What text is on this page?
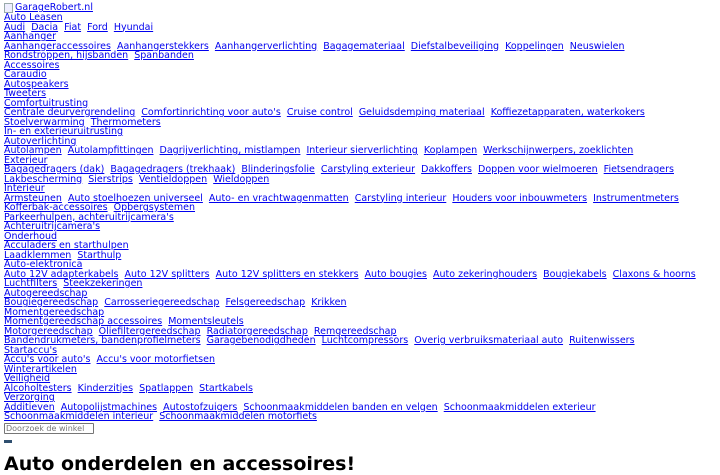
GarageRobert.nl
Auto Leasen
Audi Dacia Fiat Ford Hyundai
Aanhanger
Aanhangeraccessoires Aanhangerstekkers Aanhangerverlichting Bagagemateriaal Diefstalbeveiliging Koppelingen Neuswielen Rondstroppen, hijsbanden Spanbanden
Accessoires
Caraudio
Autospeakers
Tweeters
Comfortuitrusting
Centrale deurvergrendeling Comfortinrichting voor auto's Cruise control Geluidsdemping materiaal Koffiezetapparaten, waterkokers Stoelverwarming Thermometers
In- en exterieuruitrusting
Autoverlichting
Autolampen Autolampfittingen Dagrijverlichting, mistlampen Interieur sierverlichting Koplampen Werkschijnwerpers, zoeklichten
Exterieur
Bagagedragers (dak) Bagagedragers (trekhaak) Blinderingsfolie Carstyling exterieur Dakkoffers Doppen voor wielmoeren Fietsendragers Lakbescherming Sierstrips Ventieldoppen Wieldoppen
Interieur
Armsteunen Auto stoelhoezen universeel Auto- en vrachtwagenmatten Carstyling interieur Houders voor inbouwmeters Instrumentmeters Kofferbak-accessoires Opbergsystemen
Parkeerhulpen, achteruitrijcamera's
Achteruitrijcamera's
Onderhoud
Acculaders en starthulpen
Laadklemmen Starthulp
Auto-elektronica
Auto 12V adapterkabels Auto 12V splitters Auto 12V splitters en stekkers Auto bougies Auto zekeringhouders Bougiekabels Claxons & hoorns Luchtfilters Steekzekeringen
Autogereedschap
Bougiegereedschap Carrosseriegereedschap Felsgereedschap Krikken
Momentgereedschap
Momentgereedschap accessoires Momentsleutels
Motorgereedschap Oliefiltergereedschap Radiatorgereedschap Remgereedschap
Bandendrukmeters, bandenprofielmeters Garagebenodigdheden Luchtcompressors Overig verbruiksmateriaal auto Ruitenwissers
Startaccu's
Accu's voor auto's Accu's voor motorfietsen
Winterartikelen
Veiligheid
Alcoholtesters Kinderzitjes Spatlappen Startkabels
Verzorging
Additieven Autopolijstmachines Autostofzuigers Schoonmaakmiddelen banden en velgen Schoonmaakmiddelen exterieur Schoonmaakmiddelen interieur Schoonmaakmiddelen motorfiets
Doorzoek de winkel
Auto onderdelen en accessoires!
